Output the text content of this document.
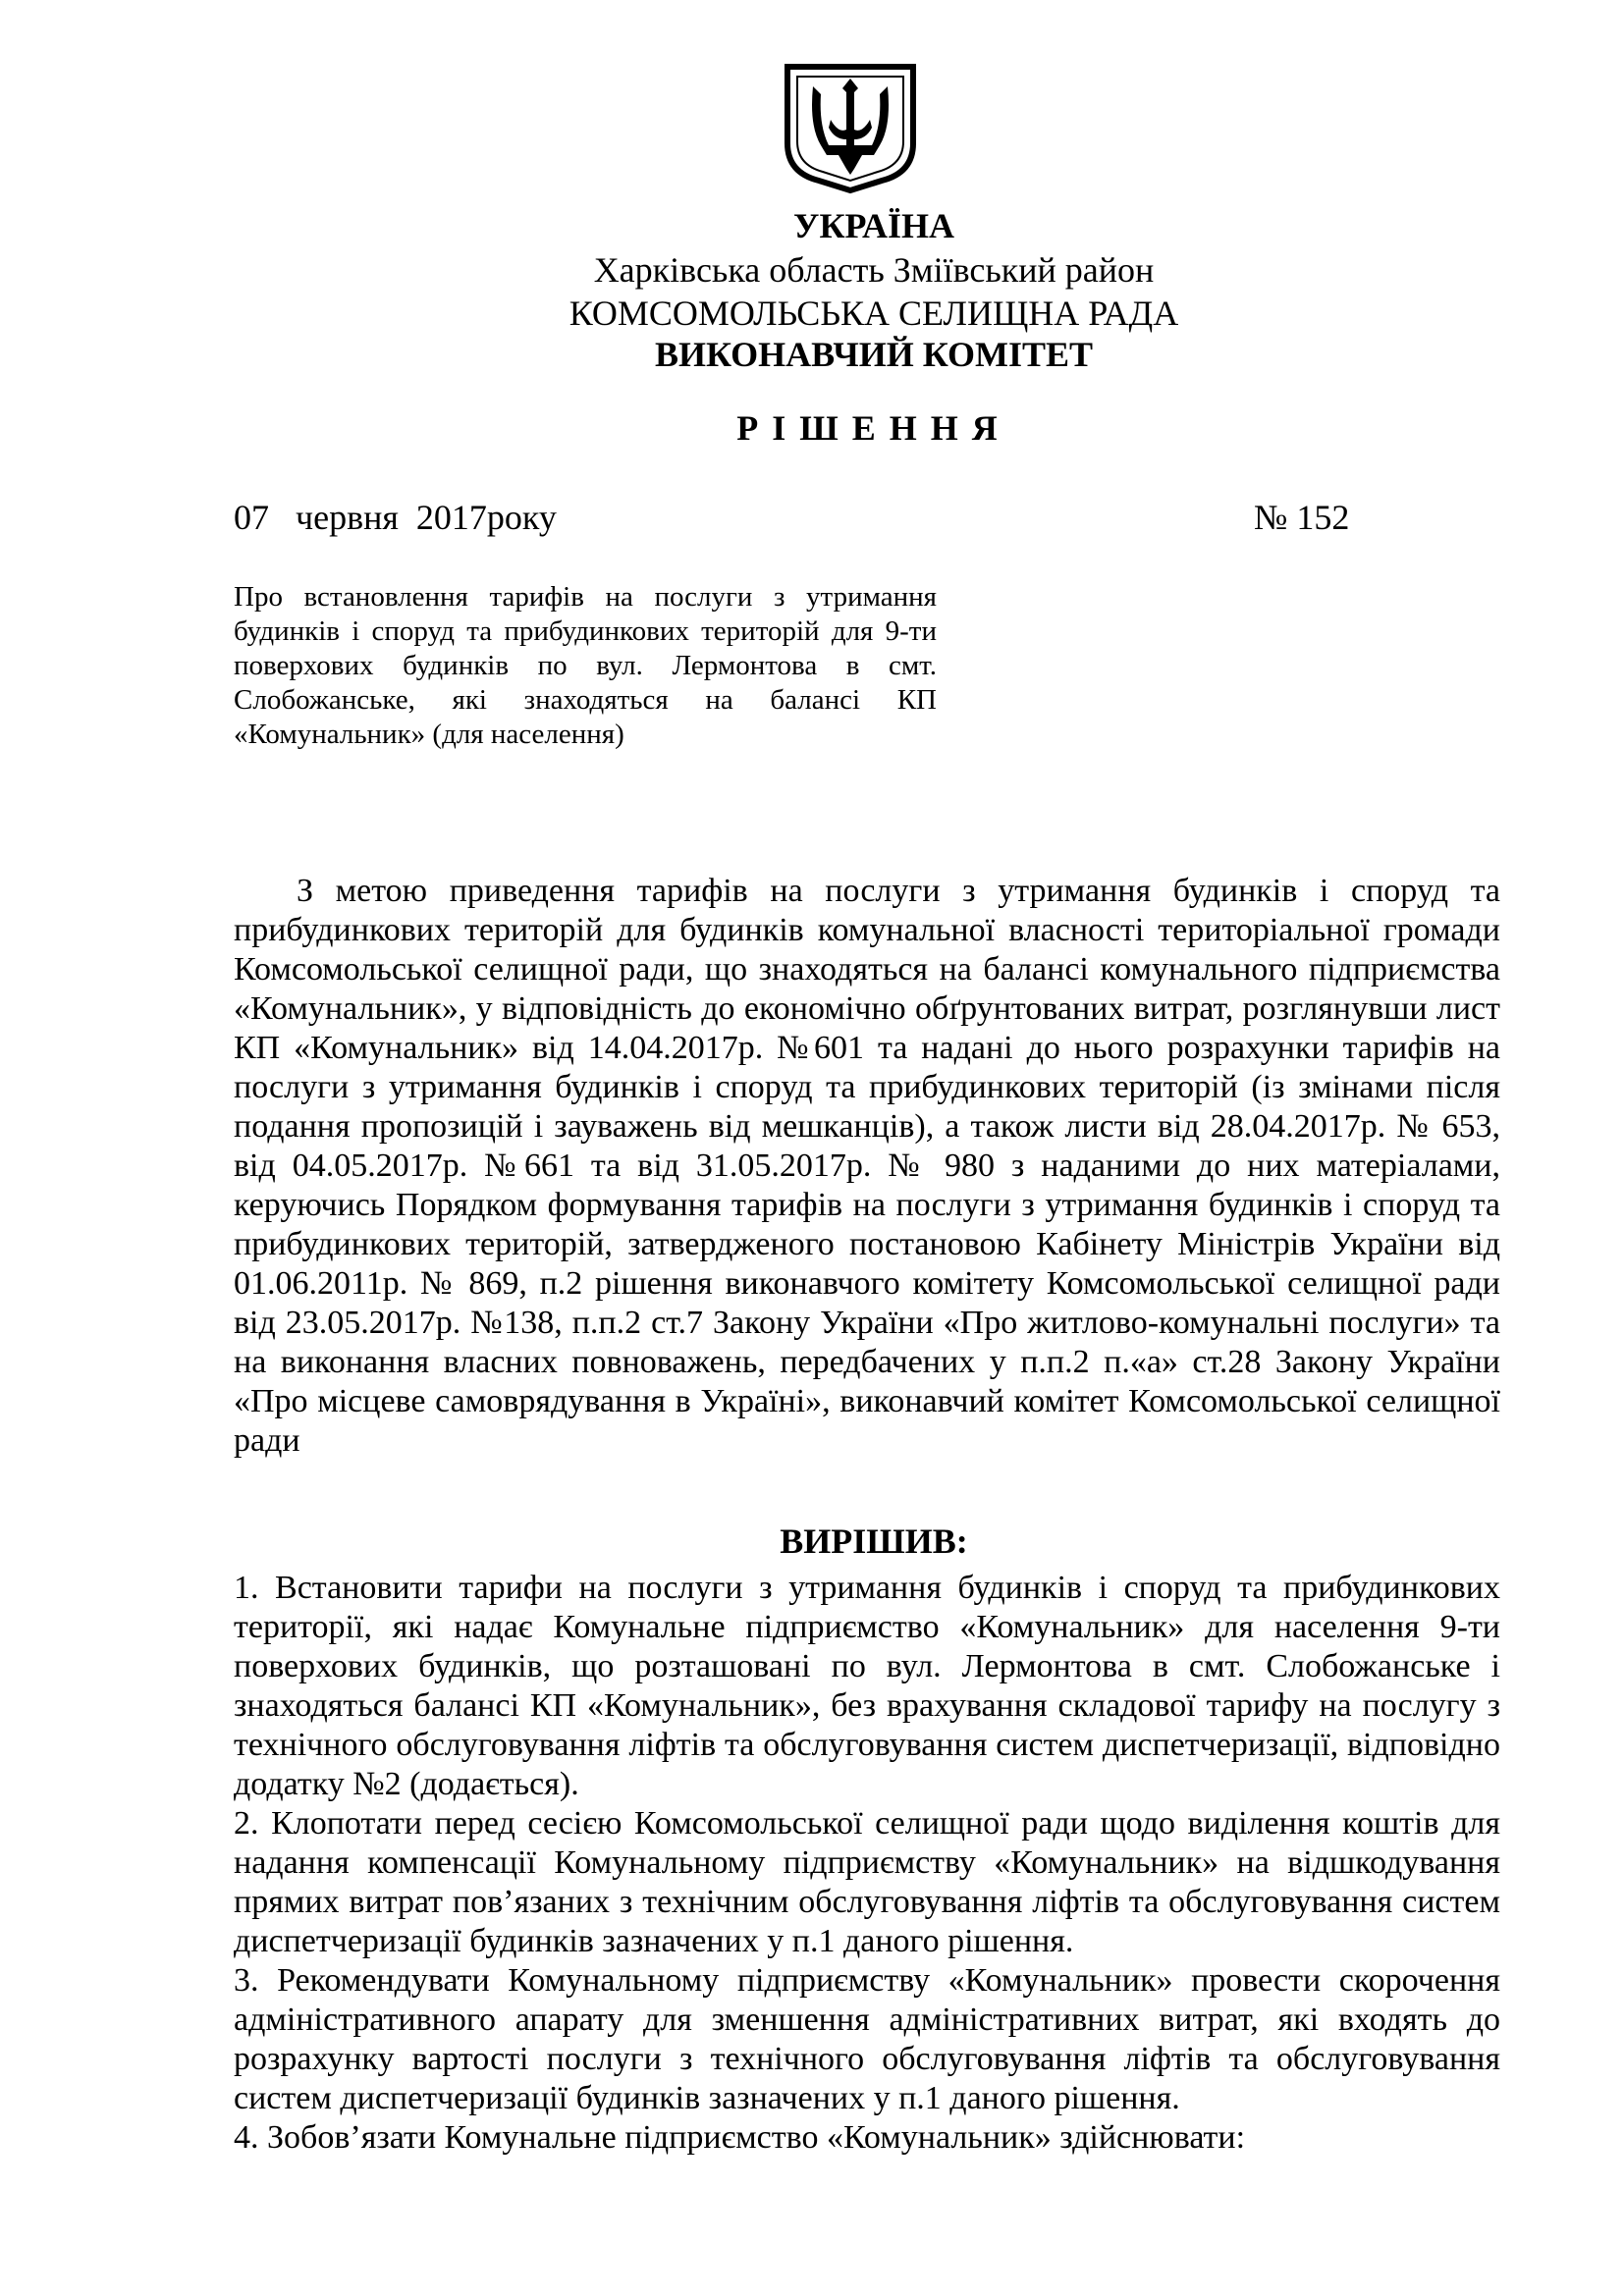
УКРАЇНА
Харківська область Зміївський район
КОМСОМОЛЬСЬКА СЕЛИЩНА РАДА
ВИКОНАВЧИЙ КОМІТЕТ
РІШЕННЯ
07   червня  2017року	№ 152
Про встановлення тарифів на послуги з утримання будинків і споруд та прибудинкових територій для 9-ти поверхових будинків по вул. Лермонтова в смт. Слобожанське, які знаходяться на балансі КП «Комунальник» (для населення)
З метою приведення тарифів на послуги з утримання будинків і споруд та прибудинкових територій для будинків комунальної власності територіальної громади Комсомольської селищної ради, що знаходяться на балансі комунального підприємства «Комунальник», у відповідність до економічно обґрунтованих витрат, розглянувши лист КП «Комунальник» від 14.04.2017р. №601 та надані до нього розрахунки тарифів на послуги з утримання будинків і споруд та прибудинкових територій (із змінами після подання пропозицій і зауважень від мешканців), а також листи від 28.04.2017р. № 653, від 04.05.2017р. №661 та від 31.05.2017р. № 980 з наданими до них матеріалами, керуючись Порядком формування тарифів на послуги з утримання будинків і споруд та прибудинкових територій, затвердженого постановою Кабінету Міністрів України від 01.06.2011р. № 869, п.2 рішення виконавчого комітету Комсомольської селищної ради від 23.05.2017р. №138, п.п.2 ст.7 Закону України «Про житлово-комунальні послуги» та на виконання власних повноважень, передбачених у п.п.2 п.«а» ст.28 Закону України «Про місцеве самоврядування в Україні», виконавчий комітет Комсомольської селищної ради
ВИРІШИВ:

1. Встановити тарифи на послуги з утримання будинків і споруд та прибудинкових територіï, які надає Комунальне підприємство «Комунальник» для населення 9-ти поверхових будинків, що розташовані по вул. Лермонтова в смт. Слобожанське і знаходяться балансі КП «Комунальник», без врахування складової тарифу на послугу з технічного обслуговування ліфтів та обслуговування систем диспетчеризації, відповідно додатку №2 (додається).

2. Клопотати перед сесією Комсомольської селищної ради щодо виділення коштів для надання компенсації Комунальному підприємству «Комунальник» на відшкодування прямих витрат пов’язаних з технічним обслуговування ліфтів та обслуговування систем диспетчеризації будинків зазначених у п.1 даного рішення.

3. Рекомендувати Комунальному підприємству «Комунальник» провести скорочення адміністративного апарату для зменшення адміністративних витрат, які входять до розрахунку вартості послуги з технічного обслуговування ліфтів та обслуговування систем диспетчеризації будинків зазначених у п.1 даного рішення.

4. Зобов’язати Комунальне підприємство «Комунальник» здійснювати:
